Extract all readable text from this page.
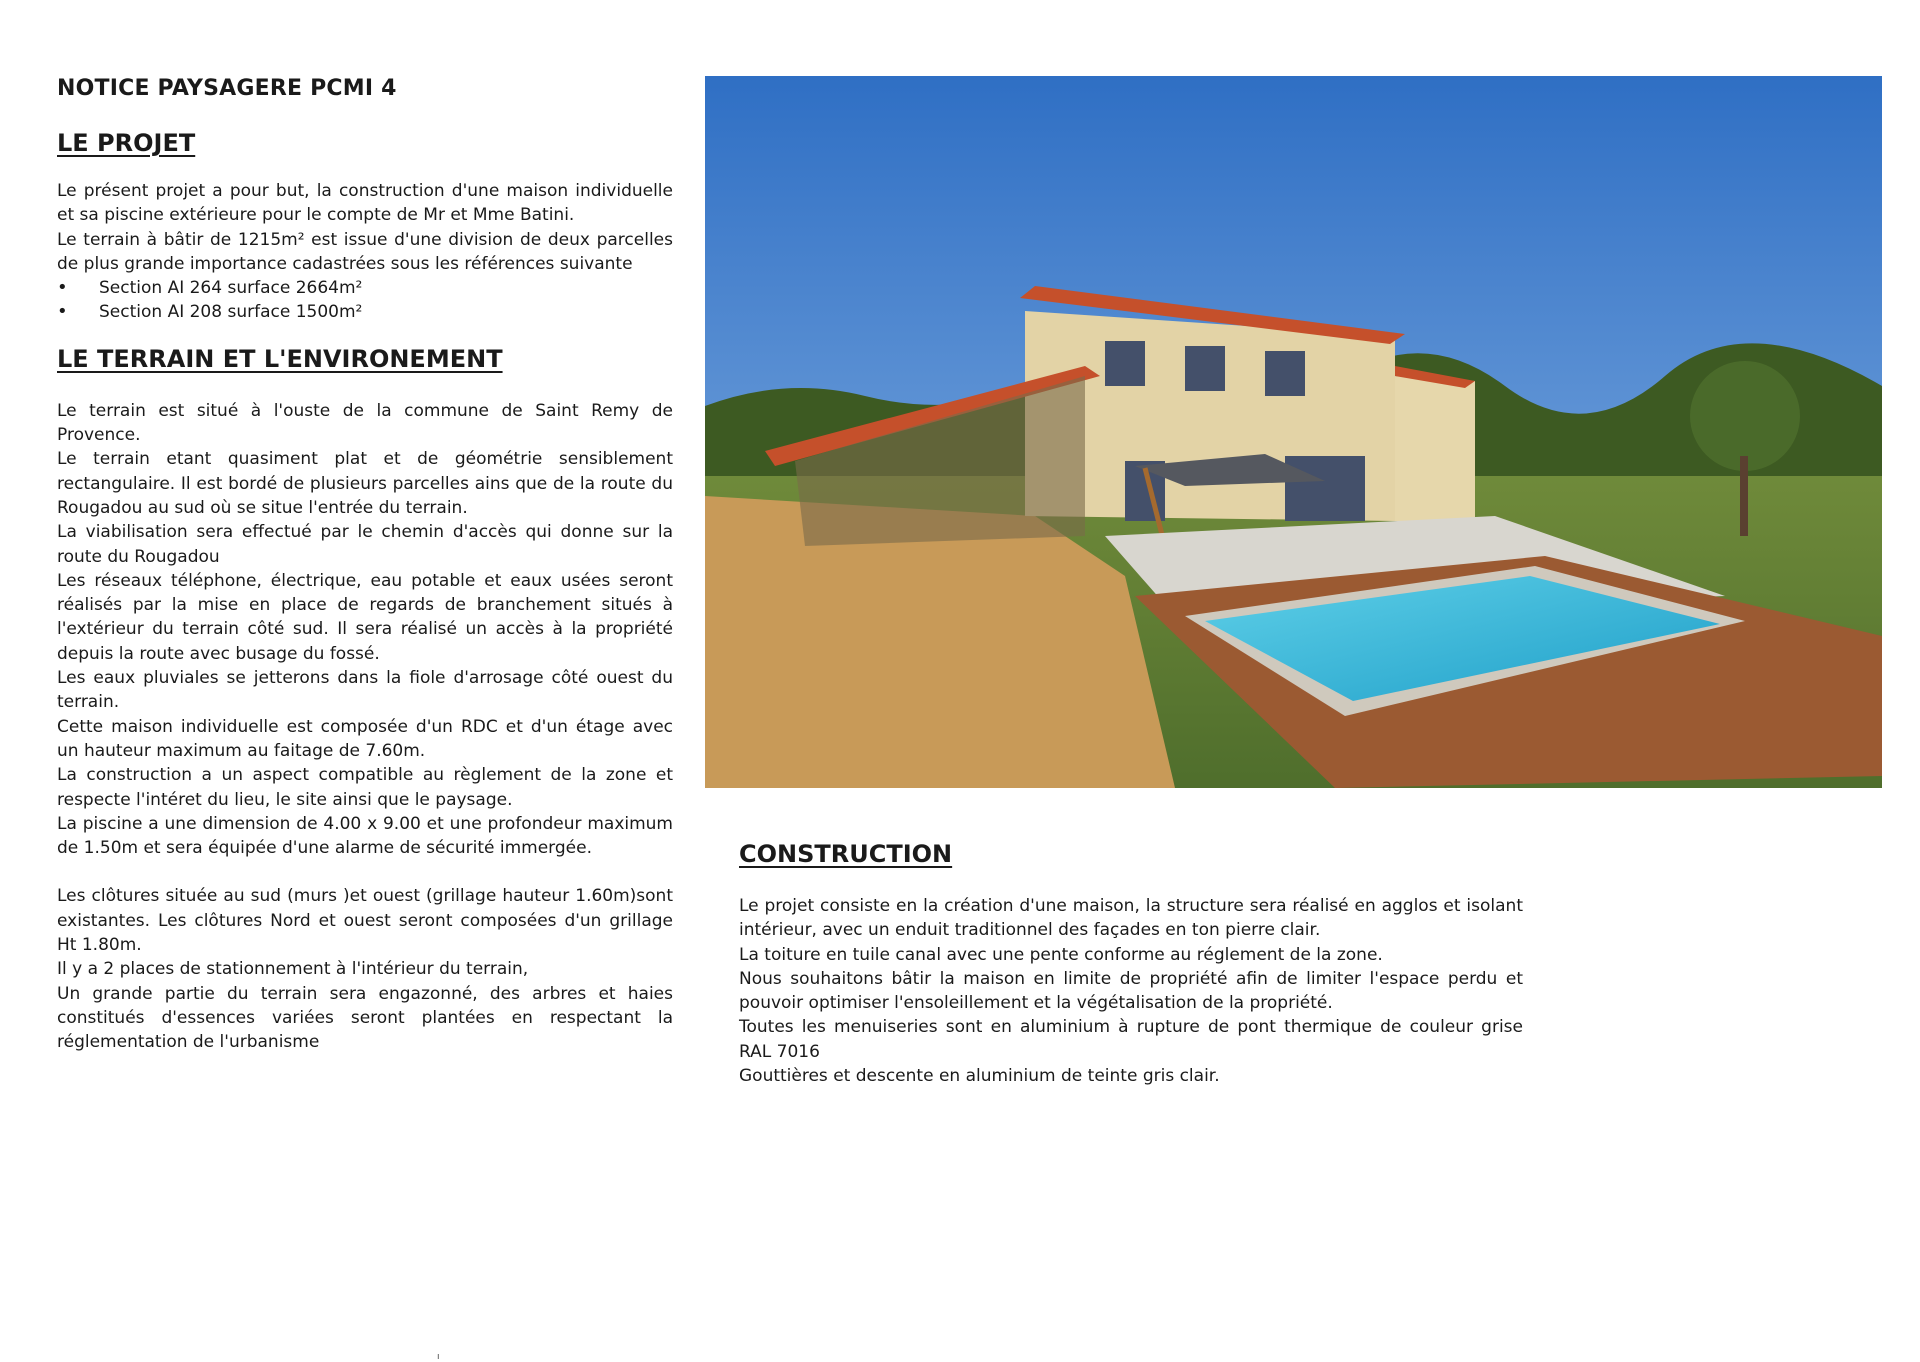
NOTICE PAYSAGERE PCMI 4
LE PROJET

Le présent projet a pour but, la construction d'une maison individuelle et sa piscine extérieure pour le compte de Mr et Mme Batini.

Le terrain à bâtir de 1215m² est issue d'une division de deux parcelles de plus grande importance cadastrées sous les références suivante

• Section AI 264 surface 2664m²
• Section AI 208 surface 1500m²
LE TERRAIN ET L'ENVIRONEMENT

Le terrain est situé à l'ouste de la commune de Saint Remy de Provence.

Le terrain etant quasiment plat et de géométrie sensiblement rectangulaire. Il est bordé de plusieurs parcelles ains que de la route du Rougadou au sud où se situe l'entrée du terrain.

La viabilisation sera effectué par le chemin d'accès qui donne sur la route du Rougadou

Les réseaux téléphone, électrique, eau potable et eaux usées seront réalisés par la mise en place de regards de branchement situés à l'extérieur du terrain côté sud. Il sera réalisé un accès à la propriété depuis la route avec busage du fossé.

Les eaux pluviales se jetterons dans la fiole d'arrosage côté ouest du terrain.

Cette maison individuelle est composée d'un RDC et d'un étage avec un hauteur maximum au faitage de 7.60m.

La construction a un aspect compatible au règlement de la zone et respecte l'intéret du lieu, le site ainsi que le paysage.

La piscine a une dimension de 4.00 x 9.00 et une profondeur maximum de 1.50m et sera équipée d'une alarme de sécurité immergée.

Les clôtures située au sud (murs )et ouest (grillage hauteur 1.60m)sont existantes. Les clôtures Nord et ouest seront composées d'un grillage Ht 1.80m.

Il y a 2 places de stationnement à l'intérieur du terrain,

Un grande partie du terrain sera engazonné, des arbres et haies constitués d'essences variées seront plantées en respectant la réglementation de l'urbanisme

CONSTRUCTION

Le projet consiste en la création d'une maison, la structure sera réalisé en agglos et isolant intérieur, avec un enduit traditionnel des façades en ton pierre clair.

La toiture en tuile canal avec une pente conforme au réglement de la zone.

Nous souhaitons bâtir la maison en limite de propriété afin de limiter l'espace perdu et pouvoir optimiser l'ensoleillement et la végétalisation de la propriété.

Toutes les menuiseries sont en aluminium à rupture de pont thermique de couleur grise RAL 7016

Gouttières et descente en aluminium de teinte gris clair.

ı
